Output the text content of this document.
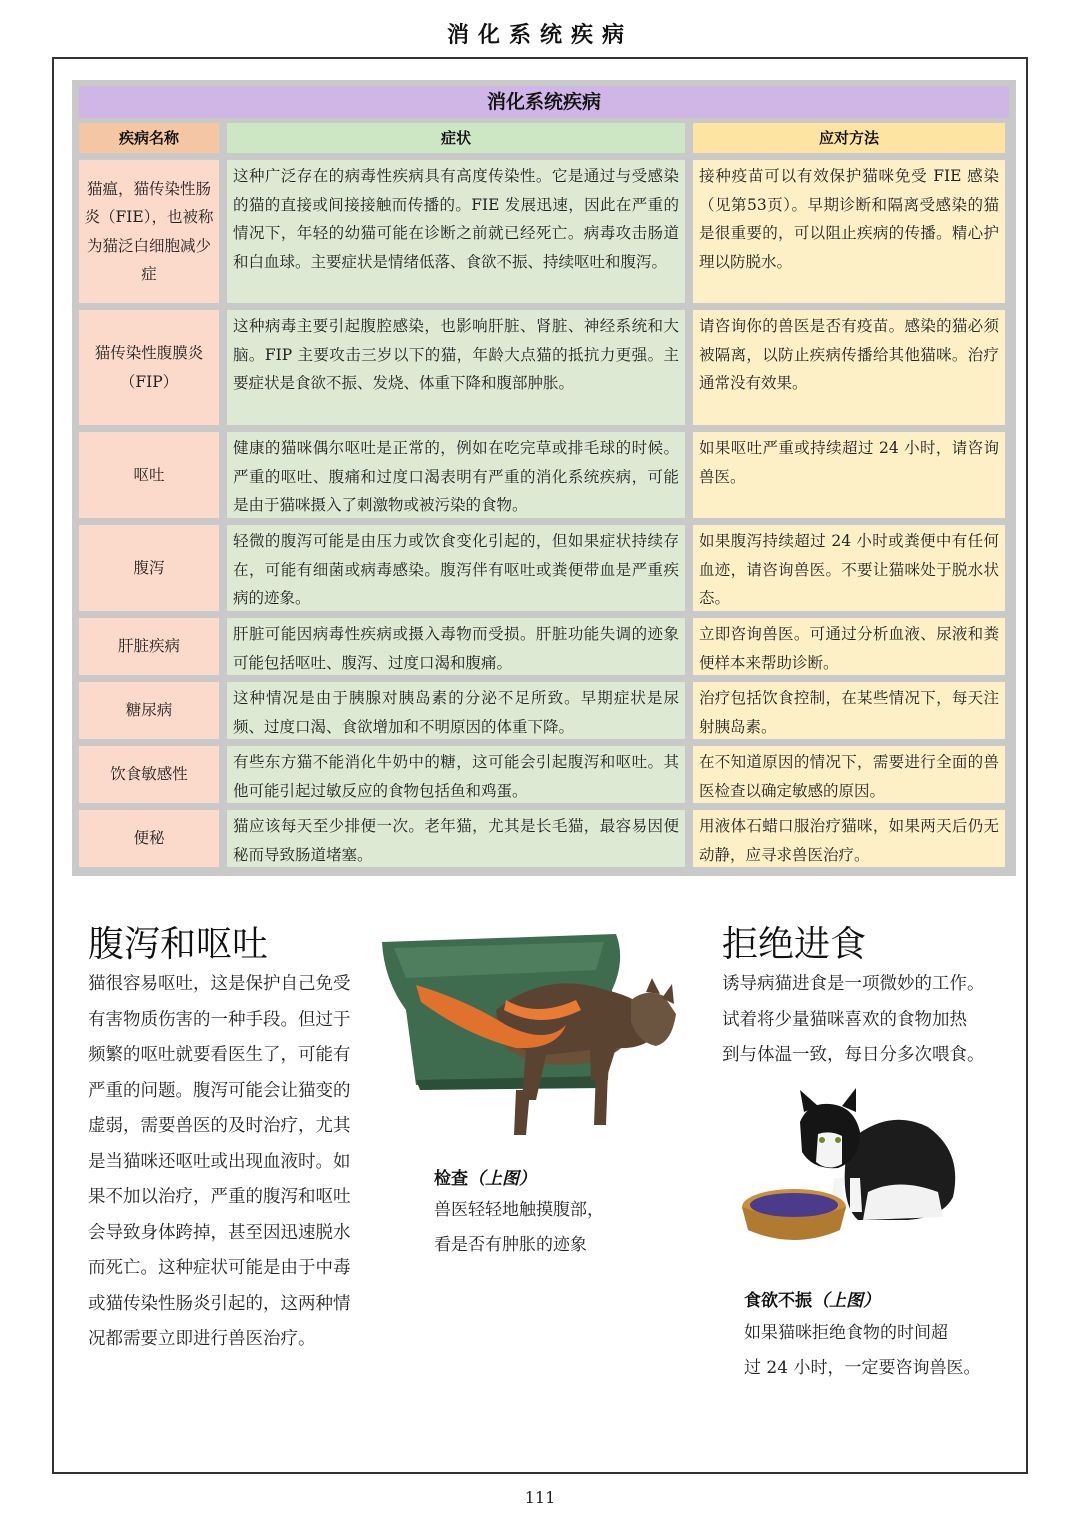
消化系统疾病
消化系统疾病
疾病名称	症状	应对方法
猫瘟，猫传染性肠炎（FIE），也被称为猫泛白细胞减少症
这种广泛存在的病毒性疾病具有高度传染性。它是通过与受感染的猫的直接或间接接触而传播的。FIE 发展迅速，因此在严重的情况下，年轻的幼猫可能在诊断之前就已经死亡。病毒攻击肠道和白血球。主要症状是情绪低落、食欲不振、持续呕吐和腹泻。
接种疫苗可以有效保护猫咪免受 FIE 感染（见第53页）。早期诊断和隔离受感染的猫是很重要的，可以阻止疾病的传播。精心护理以防脱水。
猫传染性腹膜炎（FIP）
这种病毒主要引起腹腔感染，也影响肝脏、肾脏、神经系统和大脑。FIP 主要攻击三岁以下的猫，年龄大点猫的抵抗力更强。主要症状是食欲不振、发烧、体重下降和腹部肿胀。
请咨询你的兽医是否有疫苗。感染的猫必须被隔离，以防止疾病传播给其他猫咪。治疗通常没有效果。
呕吐
健康的猫咪偶尔呕吐是正常的，例如在吃完草或排毛球的时候。严重的呕吐、腹痛和过度口渴表明有严重的消化系统疾病，可能是由于猫咪摄入了刺激物或被污染的食物。
如果呕吐严重或持续超过 24 小时，请咨询兽医。
腹泻
轻微的腹泻可能是由压力或饮食变化引起的，但如果症状持续存在，可能有细菌或病毒感染。腹泻伴有呕吐或粪便带血是严重疾病的迹象。
如果腹泻持续超过 24 小时或粪便中有任何血迹，请咨询兽医。不要让猫咪处于脱水状态。
肝脏疾病
肝脏可能因病毒性疾病或摄入毒物而受损。肝脏功能失调的迹象可能包括呕吐、腹泻、过度口渴和腹痛。
立即咨询兽医。可通过分析血液、尿液和粪便样本来帮助诊断。
糖尿病
这种情况是由于胰腺对胰岛素的分泌不足所致。早期症状是尿频、过度口渴、食欲增加和不明原因的体重下降。
治疗包括饮食控制，在某些情况下，每天注射胰岛素。
饮食敏感性
有些东方猫不能消化牛奶中的糖，这可能会引起腹泻和呕吐。其他可能引起过敏反应的食物包括鱼和鸡蛋。
在不知道原因的情况下，需要进行全面的兽医检查以确定敏感的原因。
便秘
猫应该每天至少排便一次。老年猫，尤其是长毛猫，最容易因便秘而导致肠道堵塞。
用液体石蜡口服治疗猫咪，如果两天后仍无动静，应寻求兽医治疗。
腹泻和呕吐
猫很容易呕吐，这是保护自己免受
有害物质伤害的一种手段。但过于
频繁的呕吐就要看医生了，可能有
严重的问题。腹泻可能会让猫变的
虚弱，需要兽医的及时治疗，尤其
是当猫咪还呕吐或出现血液时。如
果不加以治疗，严重的腹泻和呕吐
会导致身体跨掉，甚至因迅速脱水
而死亡。这种症状可能是由于中毒
或猫传染性肠炎引起的，这两种情
况都需要立即进行兽医治疗。
检查（上图）
兽医轻轻地触摸腹部，
看是否有肿胀的迹象
拒绝进食
诱导病猫进食是一项微妙的工作。
试着将少量猫咪喜欢的食物加热
到与体温一致，每日分多次喂食。
食欲不振（上图）
如果猫咪拒绝食物的时间超
过 24 小时，一定要咨询兽医。
111
